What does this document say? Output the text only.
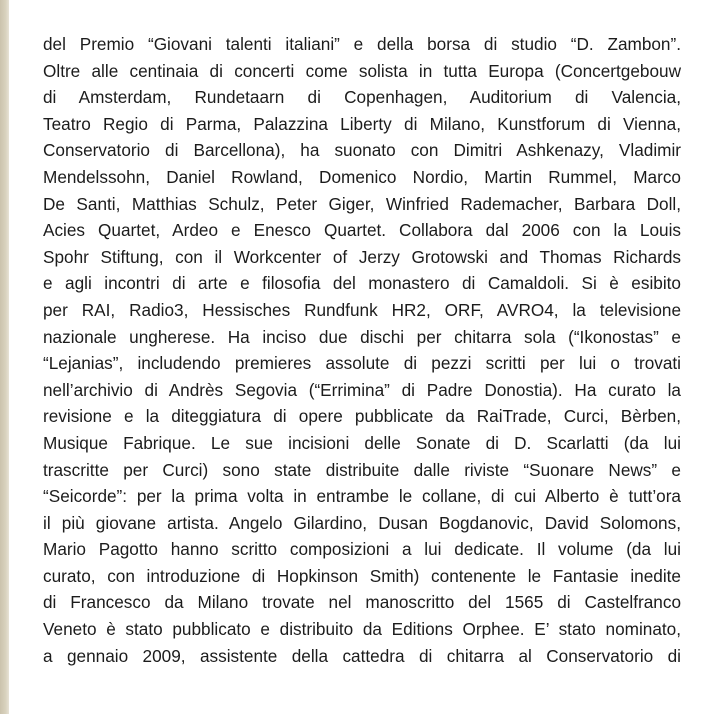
del Premio “Giovani talenti italiani” e della borsa di studio “D. Zambon”.
Oltre alle centinaia di concerti come solista in tutta Europa (Concertgebouw
di Amsterdam, Rundetaarn di Copenhagen, Auditorium di Valencia,
Teatro Regio di Parma, Palazzina Liberty di Milano, Kunstforum di Vienna,
Conservatorio di Barcellona), ha suonato con Dimitri Ashkenazy, Vladimir
Mendelssohn, Daniel Rowland, Domenico Nordio, Martin Rummel, Marco
De Santi, Matthias Schulz, Peter Giger, Winfried Rademacher, Barbara Doll,
Acies Quartet, Ardeo e Enesco Quartet. Collabora dal 2006 con la Louis
Spohr Stiftung, con il Workcenter of Jerzy Grotowski and Thomas Richards
e agli incontri di arte e filosofia del monastero di Camaldoli. Si è esibito
per RAI, Radio3, Hessisches Rundfunk HR2, ORF, AVRO4, la televisione
nazionale ungherese. Ha inciso due dischi per chitarra sola (“Ikonostas” e
“Lejanias”, includendo premieres assolute di pezzi scritti per lui o trovati
nell’archivio di Andrès Segovia (“Errimina” di Padre Donostia). Ha curato la
revisione e la diteggiatura di opere pubblicate da RaiTrade, Curci, Bèrben,
Musique Fabrique. Le sue incisioni delle Sonate di D. Scarlatti (da lui
trascritte per Curci) sono state distribuite dalle riviste “Suonare News” e
“Seicorde”: per la prima volta in entrambe le collane, di cui Alberto è tutt’ora
il più giovane artista. Angelo Gilardino, Dusan Bogdanovic, David Solomons,
Mario Pagotto hanno scritto composizioni a lui dedicate. Il volume (da lui
curato, con introduzione di Hopkinson Smith) contenente le Fantasie inedite
di Francesco da Milano trovate nel manoscritto del 1565 di Castelfranco
Veneto è stato pubblicato e distribuito da Editions Orphee. E’ stato nominato,
a gennaio 2009, assistente della cattedra di chitarra al Conservatorio di
